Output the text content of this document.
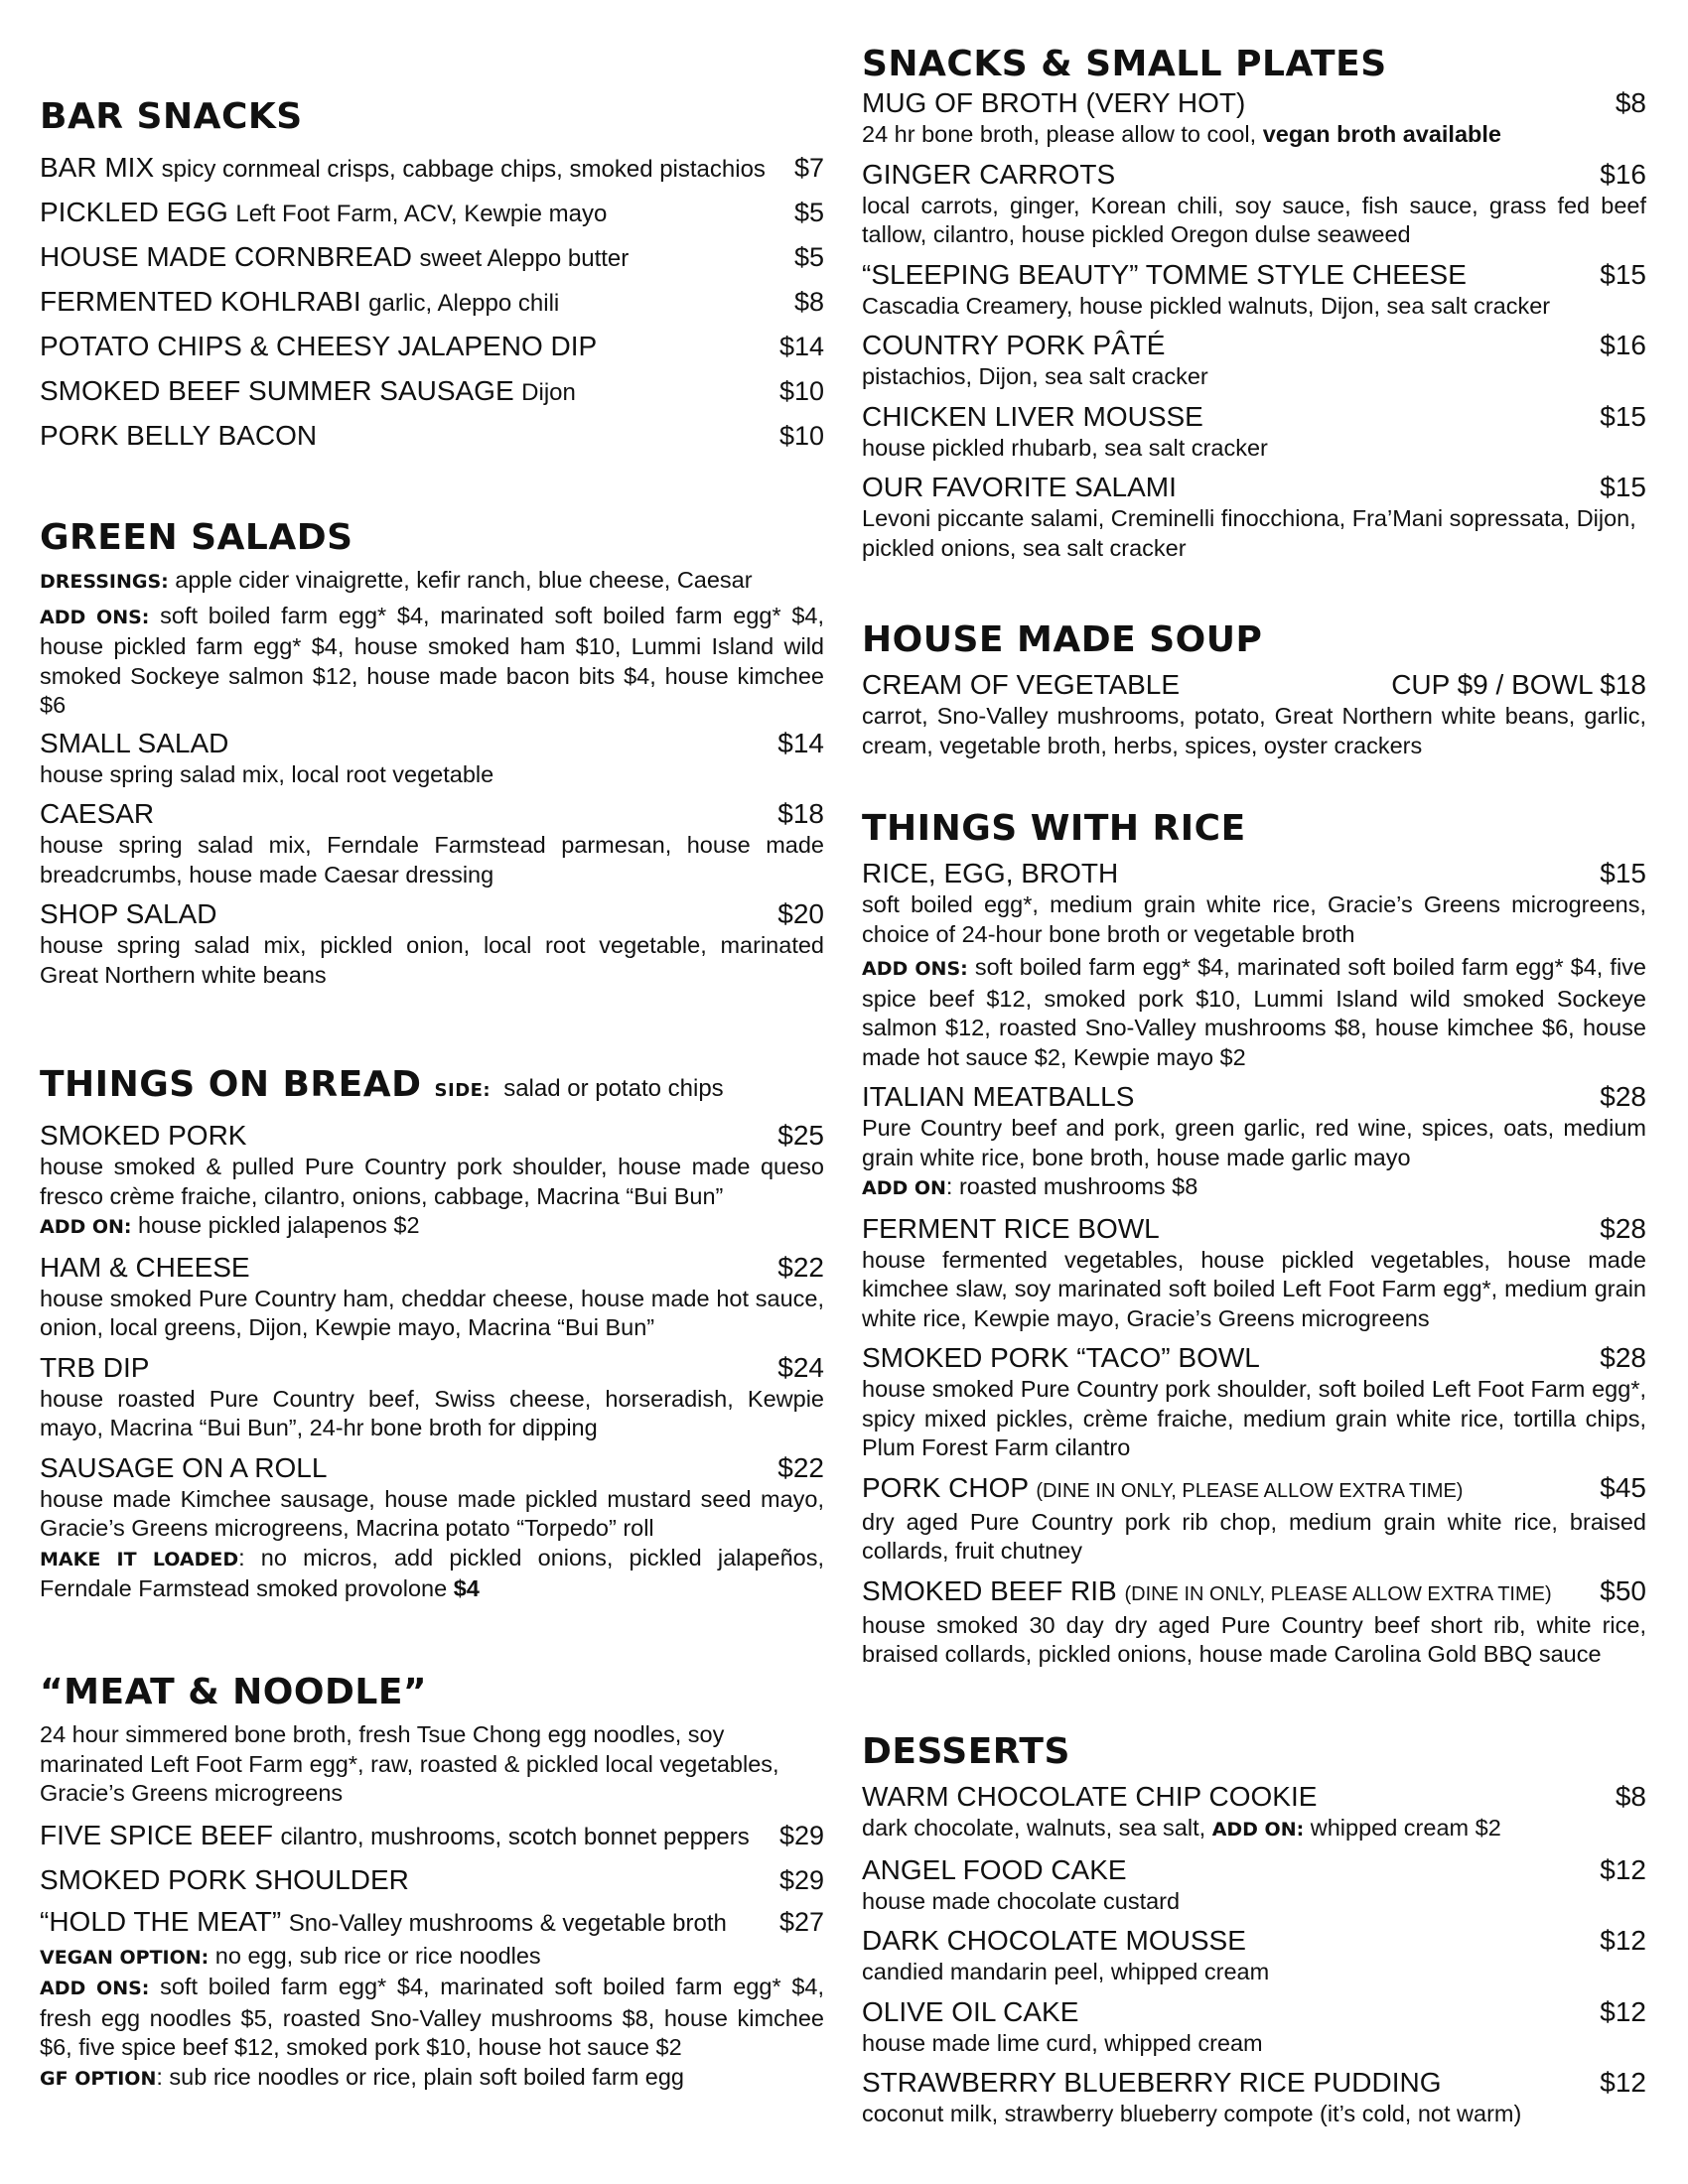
BAR SNACKS
BAR MIX spicy cornmeal crisps, cabbage chips, smoked pistachios	$7
PICKLED EGG Left Foot Farm, ACV, Kewpie mayo	$5
HOUSE MADE CORNBREAD sweet Aleppo butter	$5
FERMENTED KOHLRABI garlic, Aleppo chili	$8
POTATO CHIPS & CHEESY JALAPENO DIP	$14
SMOKED BEEF SUMMER SAUSAGE Dijon	$10
PORK BELLY BACON	$10
GREEN SALADS
DRESSINGS: apple cider vinaigrette, kefir ranch, blue cheese, Caesar
ADD ONS: soft boiled farm egg* $4, marinated soft boiled farm egg* $4, house pickled farm egg* $4, house smoked ham $10, Lummi Island wild smoked Sockeye salmon $12, house made bacon bits $4, house kimchee $6
SMALL SALAD	$14
house spring salad mix, local root vegetable
CAESAR	$18
house spring salad mix, Ferndale Farmstead parmesan, house made breadcrumbs, house made Caesar dressing
SHOP SALAD	$20
house spring salad mix, pickled onion, local root vegetable, marinated Great Northern white beans
THINGS ON BREAD SIDE: salad or potato chips
SMOKED PORK	$25
house smoked & pulled Pure Country pork shoulder, house made queso fresco crème fraiche, cilantro, onions, cabbage, Macrina “Bui Bun”
ADD ON: house pickled jalapenos $2
HAM & CHEESE	$22
house smoked Pure Country ham, cheddar cheese, house made hot sauce, onion, local greens, Dijon, Kewpie mayo, Macrina “Bui Bun”
TRB DIP	$24
house roasted Pure Country beef, Swiss cheese, horseradish, Kewpie mayo, Macrina “Bui Bun”, 24-hr bone broth for dipping
SAUSAGE ON A ROLL	$22
house made Kimchee sausage, house made pickled mustard seed mayo, Gracie’s Greens microgreens, Macrina potato “Torpedo” roll
MAKE IT LOADED: no micros, add pickled onions, pickled jalapeños, Ferndale Farmstead smoked provolone $4
“MEAT & NOODLE”
24 hour simmered bone broth, fresh Tsue Chong egg noodles, soy marinated Left Foot Farm egg*, raw, roasted & pickled local vegetables, Gracie’s Greens microgreens
FIVE SPICE BEEF cilantro, mushrooms, scotch bonnet peppers	$29
SMOKED PORK SHOULDER	$29
“HOLD THE MEAT” Sno-Valley mushrooms & vegetable broth	$27
VEGAN OPTION: no egg, sub rice or rice noodles
ADD ONS: soft boiled farm egg* $4, marinated soft boiled farm egg* $4, fresh egg noodles $5, roasted Sno-Valley mushrooms $8, house kimchee $6, five spice beef $12, smoked pork $10, house hot sauce $2
GF OPTION: sub rice noodles or rice, plain soft boiled farm egg
SNACKS & SMALL PLATES
MUG OF BROTH (VERY HOT)	$8
24 hr bone broth, please allow to cool, vegan broth available
GINGER CARROTS	$16
local carrots, ginger, Korean chili, soy sauce, fish sauce, grass fed beef tallow, cilantro, house pickled Oregon dulse seaweed
“SLEEPING BEAUTY” TOMME STYLE CHEESE	$15
Cascadia Creamery, house pickled walnuts, Dijon, sea salt cracker
COUNTRY PORK PÂTÉ	$16
pistachios, Dijon, sea salt cracker
CHICKEN LIVER MOUSSE	$15
house pickled rhubarb, sea salt cracker
OUR FAVORITE SALAMI	$15
Levoni piccante salami, Creminelli finocchiona, Fra’Mani sopressata, Dijon, pickled onions, sea salt cracker
HOUSE MADE SOUP
CREAM OF VEGETABLE	CUP $9 / BOWL $18
carrot, Sno-Valley mushrooms, potato, Great Northern white beans, garlic, cream, vegetable broth, herbs, spices, oyster crackers
THINGS WITH RICE
RICE, EGG, BROTH	$15
soft boiled egg*, medium grain white rice, Gracie’s Greens microgreens, choice of 24-hour bone broth or vegetable broth
ADD ONS: soft boiled farm egg* $4, marinated soft boiled farm egg* $4, five spice beef $12, smoked pork $10, Lummi Island wild smoked Sockeye salmon $12, roasted Sno-Valley mushrooms $8, house kimchee $6, house made hot sauce $2, Kewpie mayo $2
ITALIAN MEATBALLS	$28
Pure Country beef and pork, green garlic, red wine, spices, oats, medium grain white rice, bone broth, house made garlic mayo
ADD ON: roasted mushrooms $8
FERMENT RICE BOWL	$28
house fermented vegetables, house pickled vegetables, house made kimchee slaw, soy marinated soft boiled Left Foot Farm egg*, medium grain white rice, Kewpie mayo, Gracie’s Greens microgreens
SMOKED PORK “TACO” BOWL	$28
house smoked Pure Country pork shoulder, soft boiled Left Foot Farm egg*, spicy mixed pickles, crème fraiche, medium grain white rice, tortilla chips, Plum Forest Farm cilantro
PORK CHOP (DINE IN ONLY, PLEASE ALLOW EXTRA TIME)	$45
dry aged Pure Country pork rib chop, medium grain white rice, braised collards, fruit chutney
SMOKED BEEF RIB (DINE IN ONLY, PLEASE ALLOW EXTRA TIME) $50
house smoked 30 day dry aged Pure Country beef short rib, white rice, braised collards, pickled onions, house made Carolina Gold BBQ sauce
DESSERTS
WARM CHOCOLATE CHIP COOKIE	$8
dark chocolate, walnuts, sea salt, ADD ON: whipped cream $2
ANGEL FOOD CAKE	$12
house made chocolate custard
DARK CHOCOLATE MOUSSE	$12
candied mandarin peel, whipped cream
OLIVE OIL CAKE	$12
house made lime curd, whipped cream
STRAWBERRY BLUEBERRY RICE PUDDING	$12
coconut milk, strawberry blueberry compote (it’s cold, not warm)
